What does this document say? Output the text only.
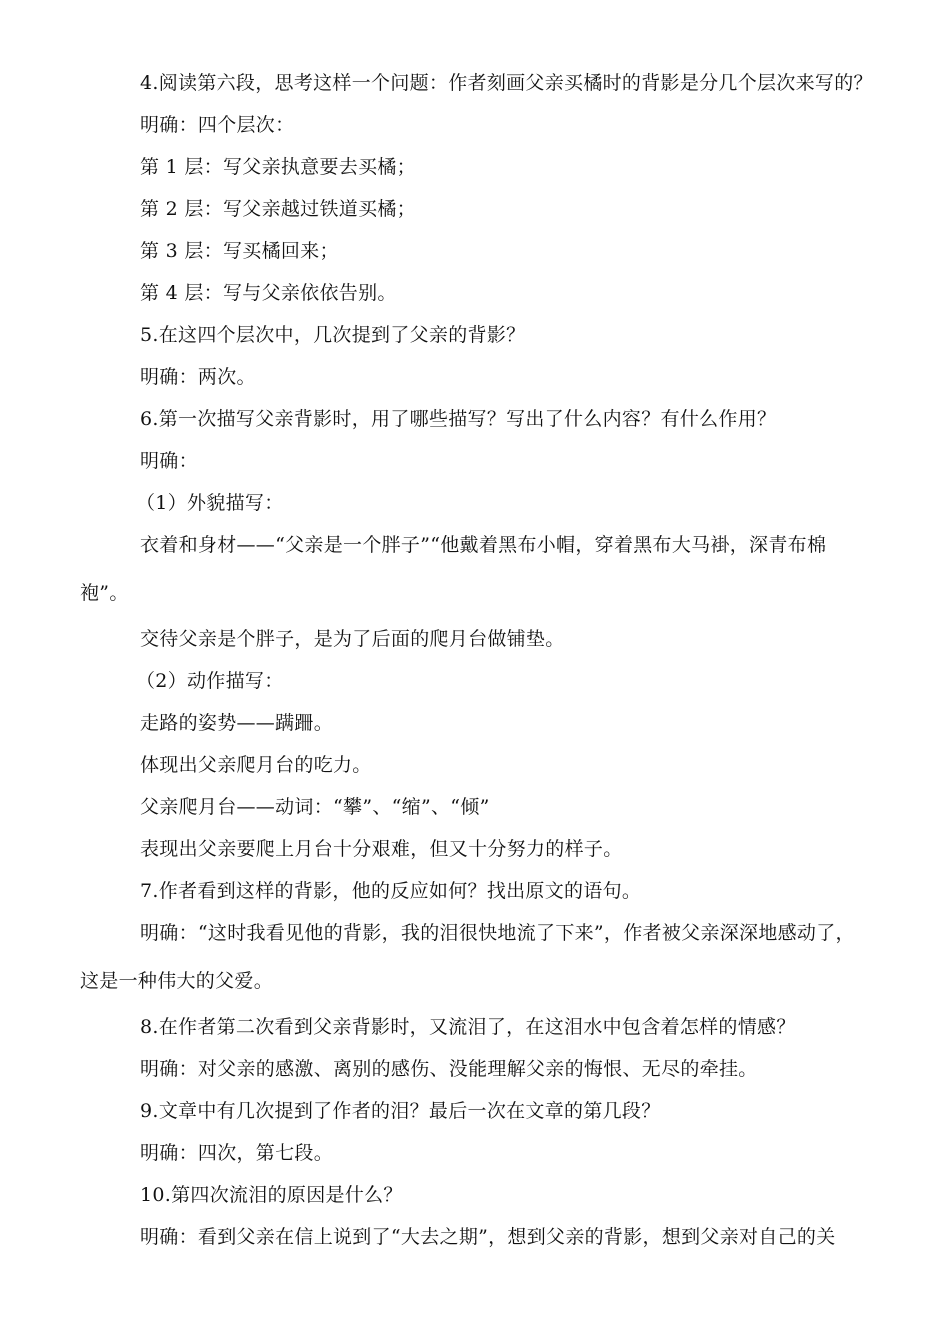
4.阅读第六段，思考这样一个问题：作者刻画父亲买橘时的背影是分几个层次来写的？
明确：四个层次：
第 1 层：写父亲执意要去买橘；
第 2 层：写父亲越过铁道买橘；
第 3 层：写买橘回来；
第 4 层：写与父亲依依告别。
5.在这四个层次中，几次提到了父亲的背影？
明确：两次。
6.第一次描写父亲背影时，用了哪些描写？写出了什么内容？有什么作用？
明确：
（1）外貌描写：
衣着和身材——“父亲是一个胖子”“他戴着黑布小帽，穿着黑布大马褂，深青布棉
袍”。
交待父亲是个胖子，是为了后面的爬月台做铺垫。
（2）动作描写：
走路的姿势——蹒跚。
体现出父亲爬月台的吃力。
父亲爬月台——动词：“攀”、“缩”、“倾”
表现出父亲要爬上月台十分艰难，但又十分努力的样子。
7.作者看到这样的背影，他的反应如何？找出原文的语句。
明确：“这时我看见他的背影，我的泪很快地流了下来”，作者被父亲深深地感动了，
这是一种伟大的父爱。
8.在作者第二次看到父亲背影时，又流泪了，在这泪水中包含着怎样的情感？
明确：对父亲的感激、离别的感伤、没能理解父亲的悔恨、无尽的牵挂。
9.文章中有几次提到了作者的泪？最后一次在文章的第几段？
明确：四次，第七段。
10.第四次流泪的原因是什么？
明确：看到父亲在信上说到了“大去之期”，想到父亲的背影，想到父亲对自己的关
